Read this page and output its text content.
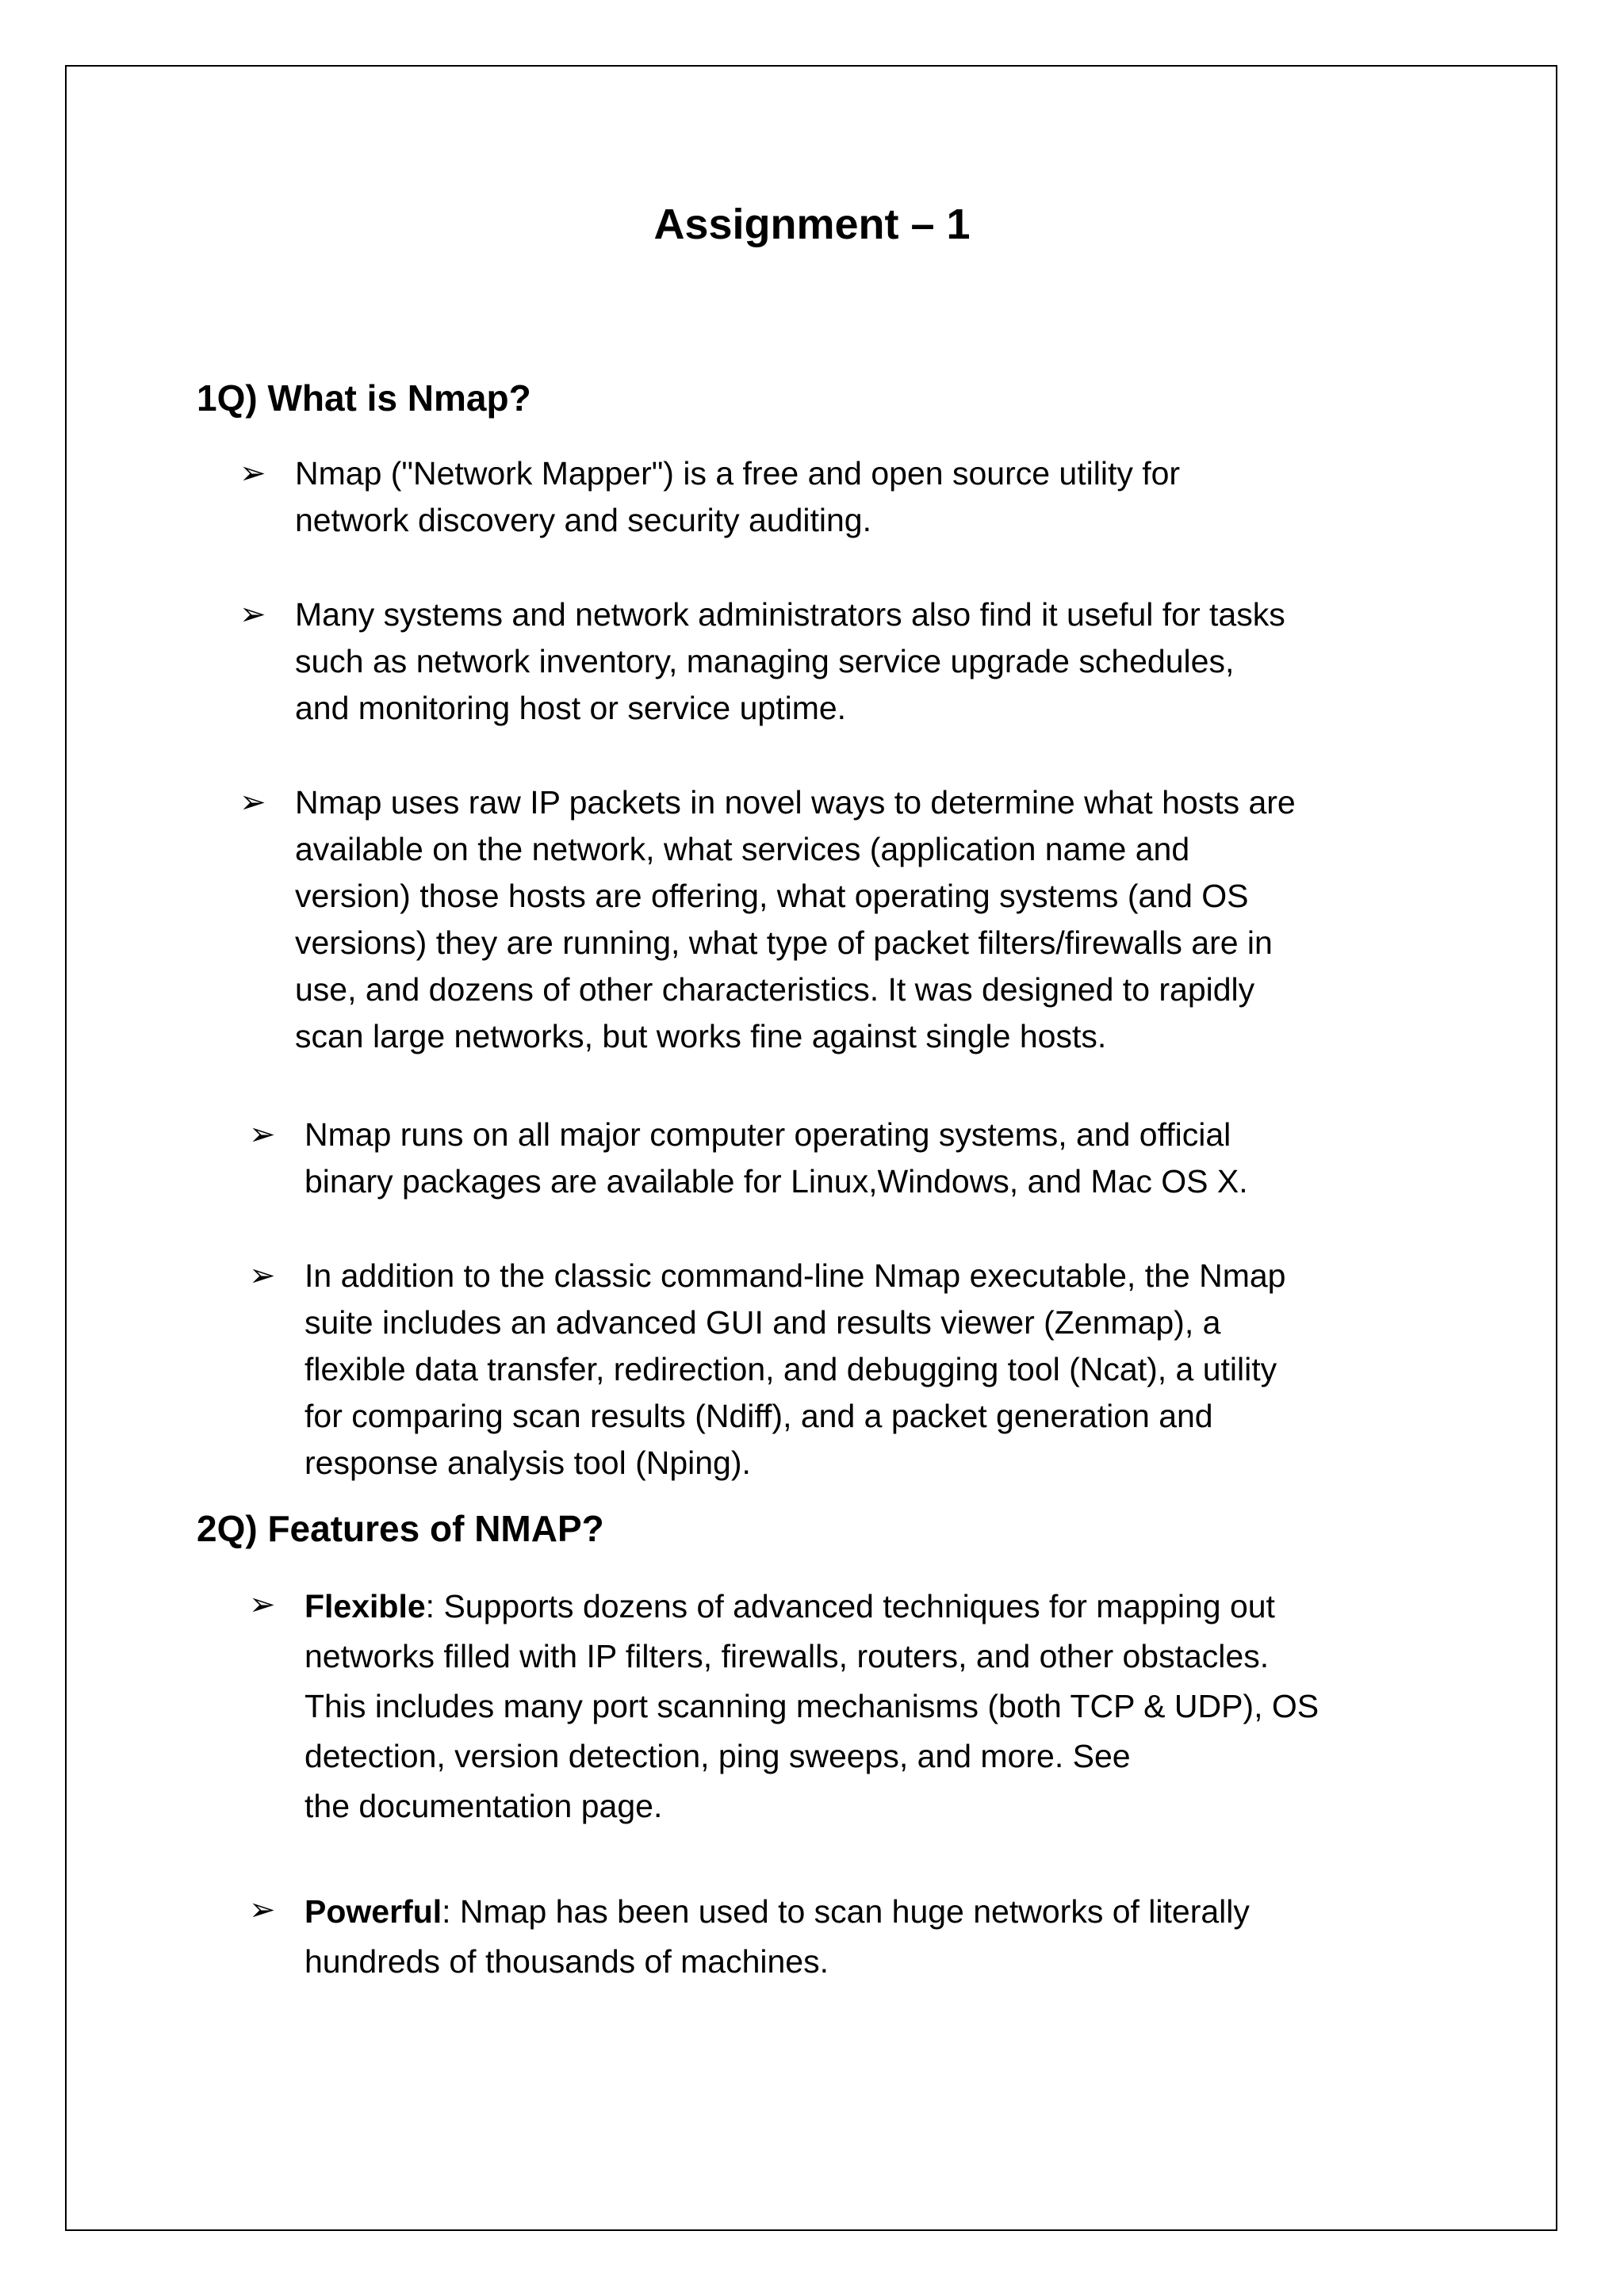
Assignment – 1
1Q) What is Nmap?
➢ Nmap ("Network Mapper") is a free and open source utility for
network discovery and security auditing.
➢ Many systems and network administrators also find it useful for tasks
such as network inventory, managing service upgrade schedules,
and monitoring host or service uptime.
➢ Nmap uses raw IP packets in novel ways to determine what hosts are
available on the network, what services (application name and
version) those hosts are offering, what operating systems (and OS
versions) they are running, what type of packet filters/firewalls are in
use, and dozens of other characteristics. It was designed to rapidly
scan large networks, but works fine against single hosts.
➢ Nmap runs on all major computer operating systems, and official
binary packages are available for Linux,Windows, and Mac OS X.
➢ In addition to the classic command-line Nmap executable, the Nmap
suite includes an advanced GUI and results viewer (Zenmap), a
flexible data transfer, redirection, and debugging tool (Ncat), a utility
for comparing scan results (Ndiff), and a packet generation and
response analysis tool (Nping).
2Q) Features of NMAP?
➢ Flexible: Supports dozens of advanced techniques for mapping out
networks filled with IP filters, firewalls, routers, and other obstacles.
This includes many port scanning mechanisms (both TCP & UDP), OS
detection, version detection, ping sweeps, and more. See
the documentation page.
➢ Powerful: Nmap has been used to scan huge networks of literally
hundreds of thousands of machines.
